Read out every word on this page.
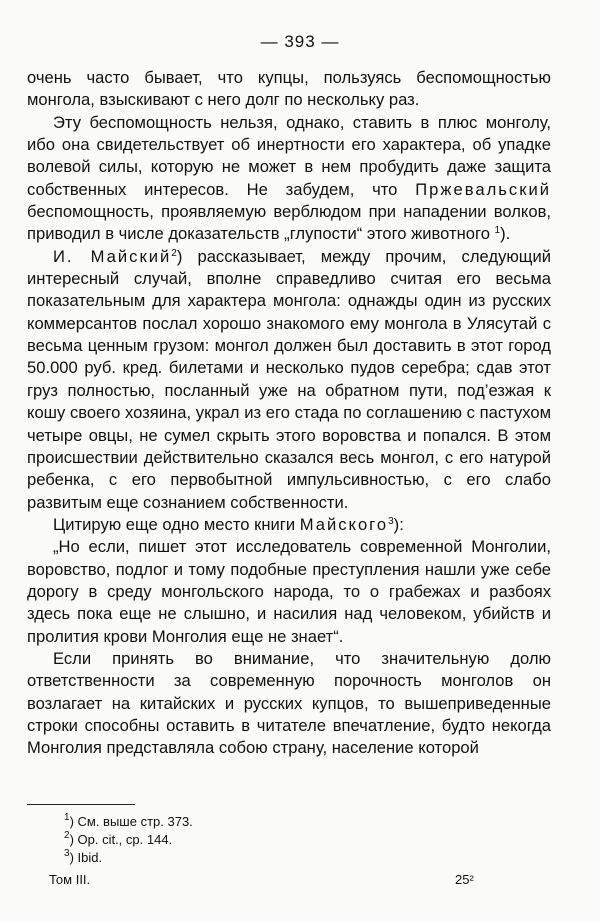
— 393 —

очень часто бывает, что купцы, пользуясь беспомощностью монгола, взыскивают с него долг по нескольку раз.

Эту беспомощность нельзя, однако, ставить в плюс монголу, ибо она свидетельствует об инертности его характера, об упадке волевой силы, которую не может в нем пробудить даже защита собственных интересов. Не забудем, что Пржевальский беспомощность, проявляемую верблюдом при нападении волков, приводил в числе доказательств „глупости“ этого животного $^1$).

И. Майский$^2$) рассказывает, между прочим, следующий интересный случай, вполне справедливо считая его весьма показательным для характера монгола: однажды один из русских коммерсантов послал хорошо знакомого ему монгола в Улясутай с весьма ценным грузом: монгол должен был доставить в этот город 50.000 руб. кред. билетами и несколько пудов серебра; сдав этот груз полностью, посланный уже на обратном пути, под’езжая к кошу своего хозяина, украл из его стада по соглашению с пастухом четыре овцы, не сумел скрыть этого воровства и попался. В этом происшествии действительно сказался весь монгол, с его натурой ребенка, с его первобытной импульсивностью, с его слабо развитым еще сознанием собственности.

Цитирую еще одно место книги Майского$^3$):

„Но если, пишет этот исследователь современной Монголии, воровство, подлог и тому подобные преступления нашли уже себе дорогу в среду монгольского народа, то о грабежах и разбоях здесь пока еще не слышно, и насилия над человеком, убийств и пролития крови Монголия еще не знает“.

Если принять во внимание, что значительную долю ответственности за современную порочность монголов он возлагает на китайских и русских купцов, то вышеприведенные строки способны оставить в читателе впечатление, будто некогда Монголия представляла собою страну, население которой

$^1$) См. выше стр. 373.
$^2$) Op. cit., ср. 144.
$^3$) Ibid.
Том III.	25²
